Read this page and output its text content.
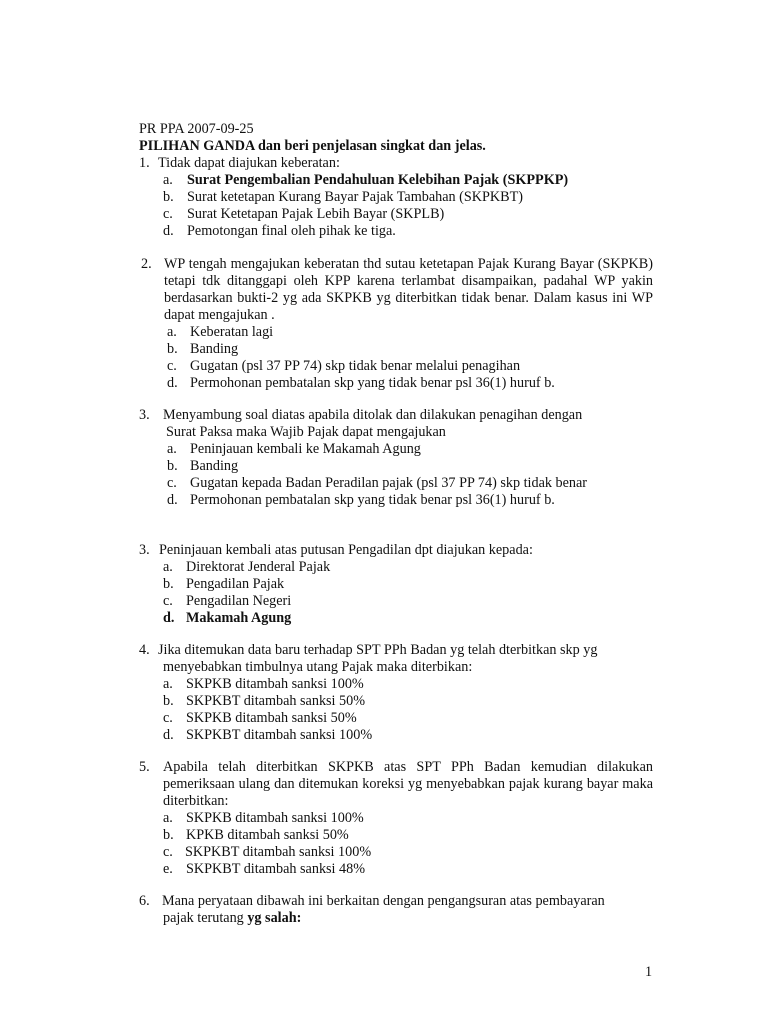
PR PPA 2007-09-25
PILIHAN GANDA dan beri penjelasan singkat dan jelas.
1. Tidak dapat diajukan keberatan:
a. Surat Pengembalian Pendahuluan Kelebihan Pajak (SKPPKP)
b. Surat ketetapan Kurang Bayar Pajak Tambahan (SKPKBT)
c. Surat Ketetapan Pajak Lebih Bayar (SKPLB)
d. Pemotongan final oleh pihak ke tiga.
2. WP tengah mengajukan keberatan thd sutau ketetapan Pajak Kurang Bayar (SKPKB) tetapi tdk ditanggapi oleh KPP karena terlambat disampaikan, padahal WP yakin berdasarkan bukti-2 yg ada SKPKB yg diterbitkan tidak benar. Dalam kasus ini WP dapat mengajukan .
a. Keberatan lagi
b. Banding
c. Gugatan (psl 37 PP 74) skp tidak benar melalui penagihan
d. Permohonan pembatalan skp yang tidak benar psl 36(1) huruf b.
3. Menyambung soal diatas apabila ditolak dan dilakukan penagihan dengan
Surat Paksa maka Wajib Pajak dapat mengajukan
a. Peninjauan kembali ke Makamah Agung
b. Banding
c. Gugatan kepada Badan Peradilan pajak (psl 37 PP 74) skp tidak benar
d. Permohonan pembatalan skp yang tidak benar psl 36(1) huruf b.
3. Peninjauan kembali atas putusan Pengadilan dpt diajukan kepada:
a. Direktorat Jenderal Pajak
b. Pengadilan Pajak
c. Pengadilan Negeri
d. Makamah Agung
4. Jika ditemukan data baru terhadap SPT PPh Badan yg telah dterbitkan skp yg
menyebabkan timbulnya utang Pajak maka diterbikan:
a. SKPKB ditambah sanksi 100%
b. SKPKBT ditambah sanksi 50%
c. SKPKB ditambah sanksi 50%
d. SKPKBT ditambah sanksi 100%
5. Apabila telah diterbitkan SKPKB atas SPT PPh Badan kemudian dilakukan pemeriksaan ulang dan ditemukan koreksi yg menyebabkan pajak kurang bayar maka diterbitkan:
a. SKPKB ditambah sanksi 100%
b. KPKB ditambah sanksi 50%
c. SKPKBT ditambah sanksi 100%
e. SKPKBT ditambah sanksi 48%
6. Mana peryataan dibawah ini berkaitan dengan pengangsuran atas pembayaran
pajak terutang yg salah:
1
